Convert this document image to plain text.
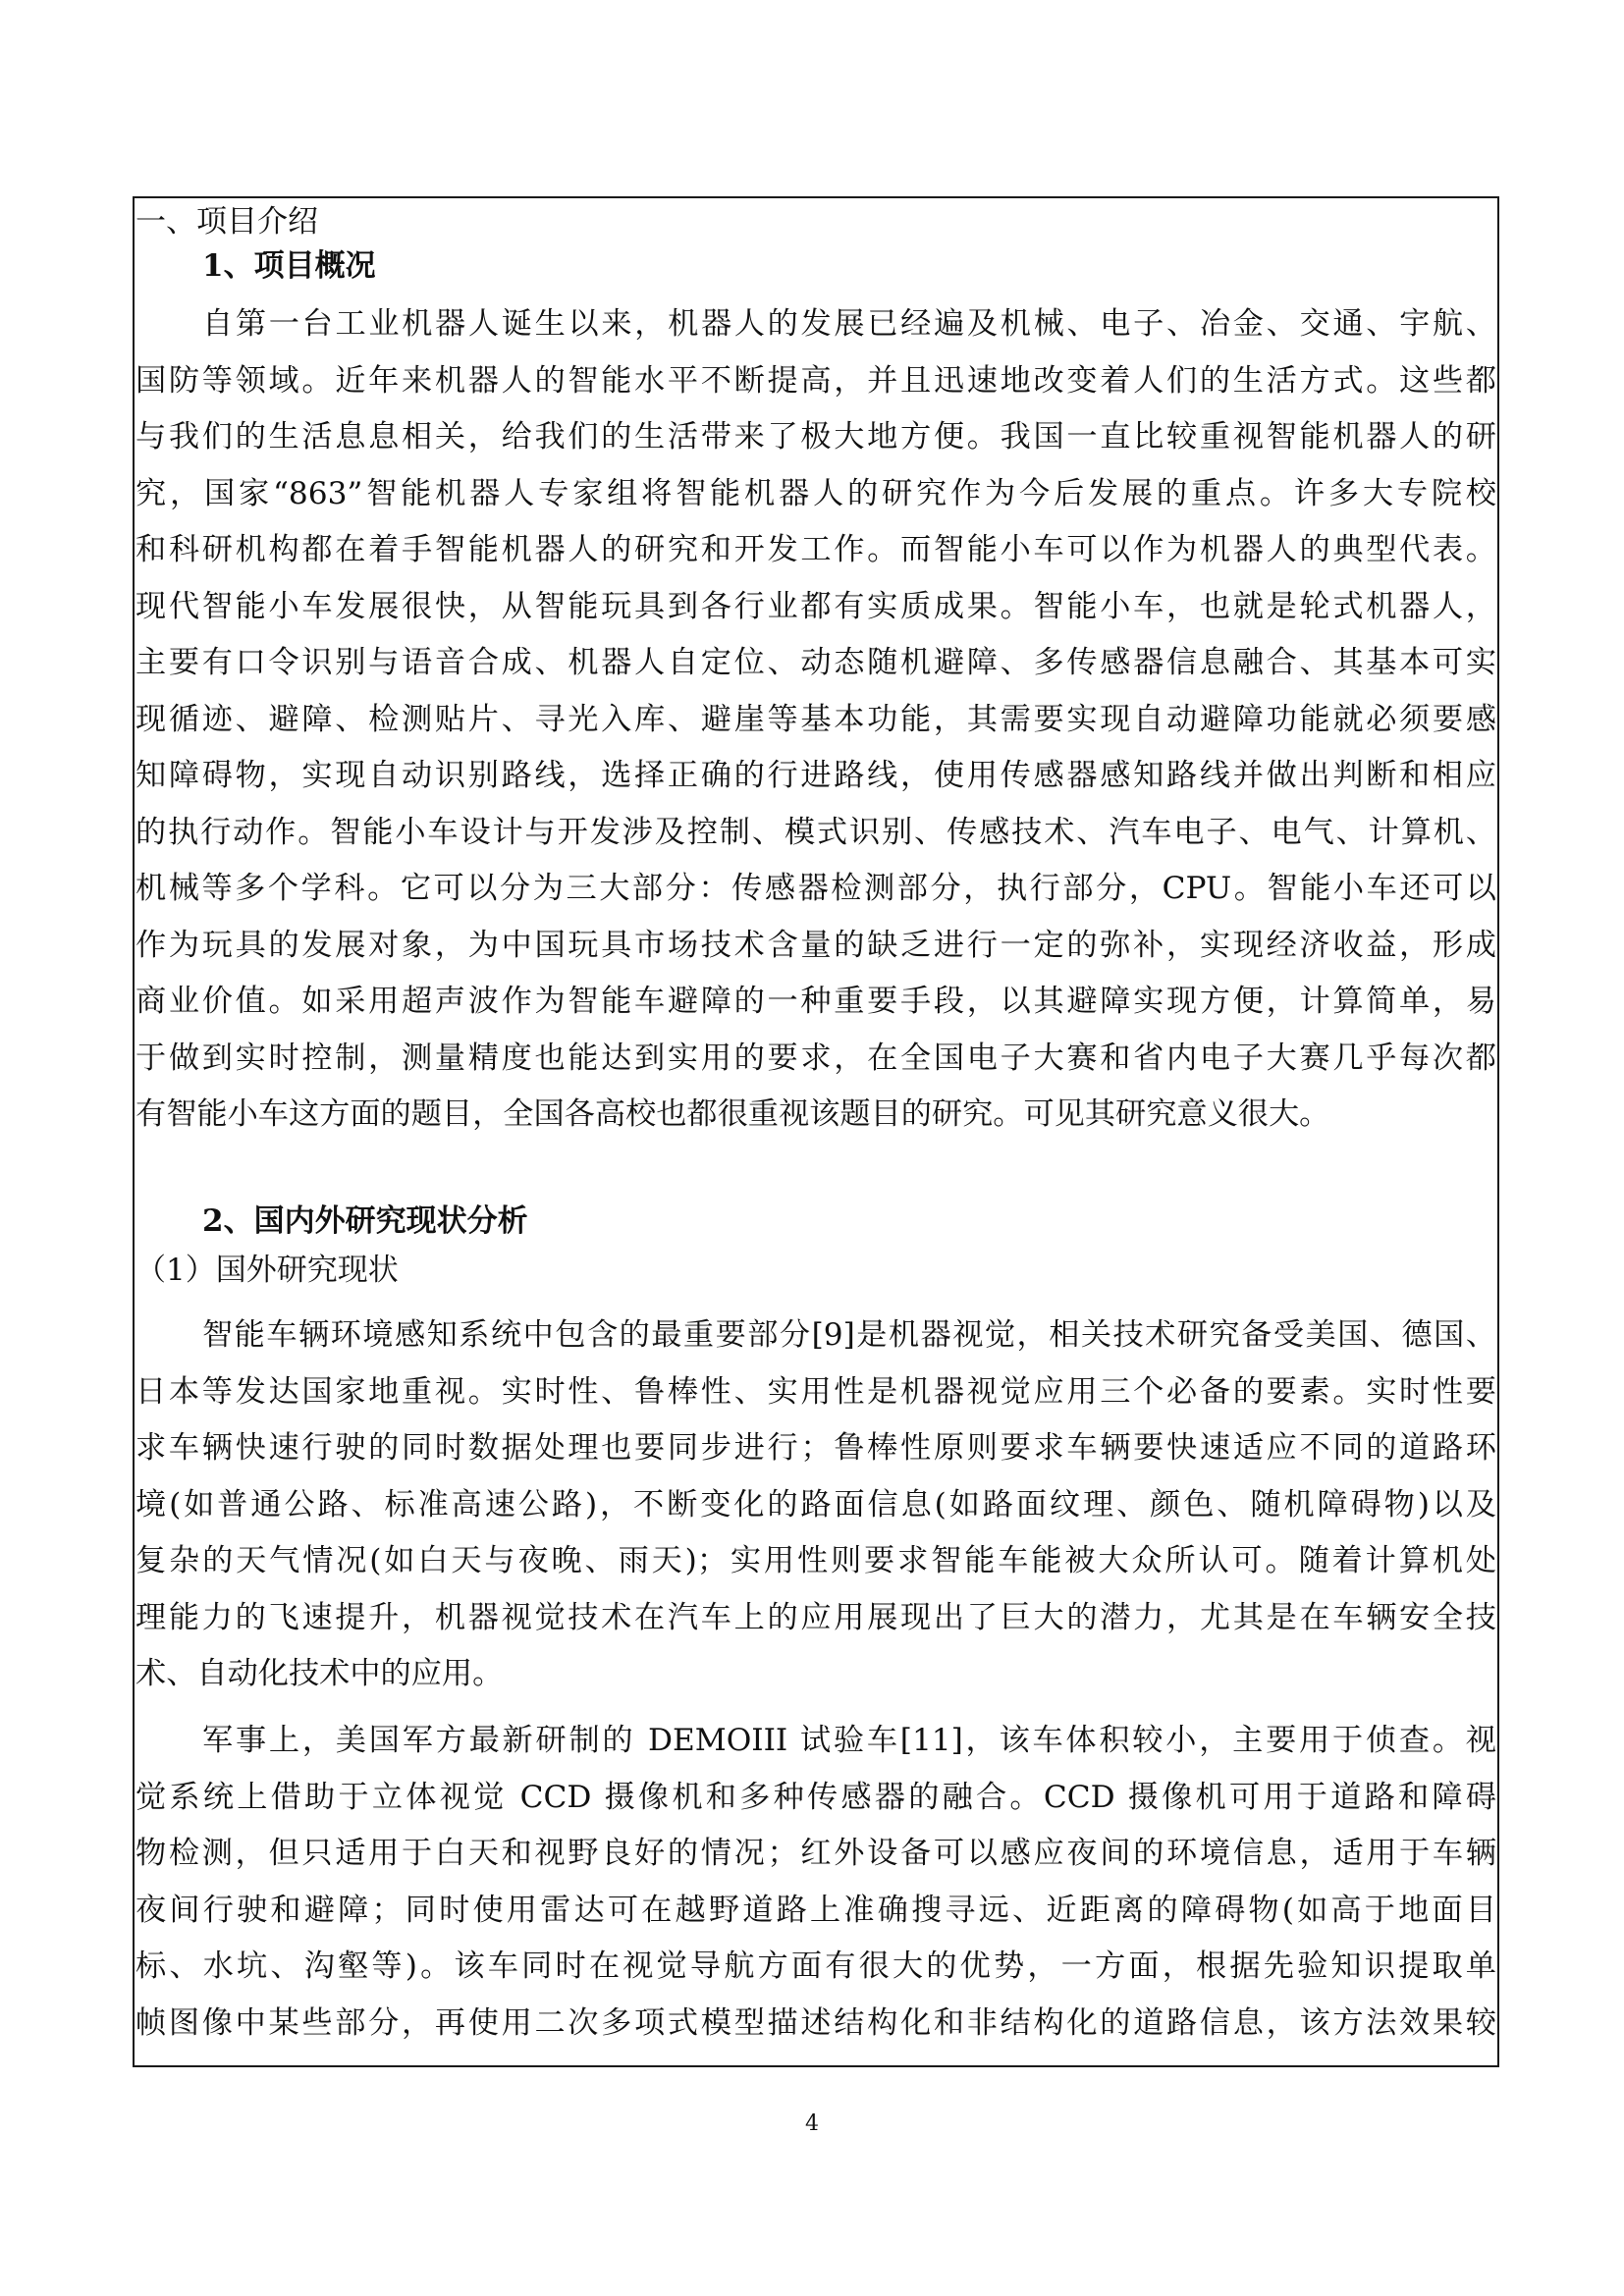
一、项目介绍
1、项目概况
自第一台工业机器人诞生以来，机器人的发展已经遍及机械、电子、冶金、交通、宇航、
国防等领域。近年来机器人的智能水平不断提高，并且迅速地改变着人们的生活方式。这些都
与我们的生活息息相关，给我们的生活带来了极大地方便。我国一直比较重视智能机器人的研
究，国家“863”智能机器人专家组将智能机器人的研究作为今后发展的重点。许多大专院校
和科研机构都在着手智能机器人的研究和开发工作。而智能小车可以作为机器人的典型代表。
现代智能小车发展很快，从智能玩具到各行业都有实质成果。智能小车，也就是轮式机器人，
主要有口令识别与语音合成、机器人自定位、动态随机避障、多传感器信息融合、其基本可实
现循迹、避障、检测贴片、寻光入库、避崖等基本功能，其需要实现自动避障功能就必须要感
知障碍物，实现自动识别路线，选择正确的行进路线，使用传感器感知路线并做出判断和相应
的执行动作。智能小车设计与开发涉及控制、模式识别、传感技术、汽车电子、电气、计算机、
机械等多个学科。它可以分为三大部分：传感器检测部分，执行部分，CPU。智能小车还可以
作为玩具的发展对象，为中国玩具市场技术含量的缺乏进行一定的弥补，实现经济收益，形成
商业价值。如采用超声波作为智能车避障的一种重要手段，以其避障实现方便，计算简单，易
于做到实时控制，测量精度也能达到实用的要求，在全国电子大赛和省内电子大赛几乎每次都
有智能小车这方面的题目，全国各高校也都很重视该题目的研究。可见其研究意义很大。
2、国内外研究现状分析
（1）国外研究现状
智能车辆环境感知系统中包含的最重要部分[9]是机器视觉，相关技术研究备受美国、德国、
日本等发达国家地重视。实时性、鲁棒性、实用性是机器视觉应用三个必备的要素。实时性要
求车辆快速行驶的同时数据处理也要同步进行；鲁棒性原则要求车辆要快速适应不同的道路环
境(如普通公路、标准高速公路)，不断变化的路面信息(如路面纹理、颜色、随机障碍物)以及
复杂的天气情况(如白天与夜晚、雨天)；实用性则要求智能车能被大众所认可。随着计算机处
理能力的飞速提升，机器视觉技术在汽车上的应用展现出了巨大的潜力，尤其是在车辆安全技
术、自动化技术中的应用。
军事上，美国军方最新研制的 DEMOIII 试验车[11]，该车体积较小，主要用于侦查。视
觉系统上借助于立体视觉 CCD 摄像机和多种传感器的融合。CCD 摄像机可用于道路和障碍
物检测，但只适用于白天和视野良好的情况；红外设备可以感应夜间的环境信息，适用于车辆
夜间行驶和避障；同时使用雷达可在越野道路上准确搜寻远、近距离的障碍物(如高于地面目
标、水坑、沟壑等)。该车同时在视觉导航方面有很大的优势，一方面，根据先验知识提取单
帧图像中某些部分，再使用二次多项式模型描述结构化和非结构化的道路信息，该方法效果较
4
